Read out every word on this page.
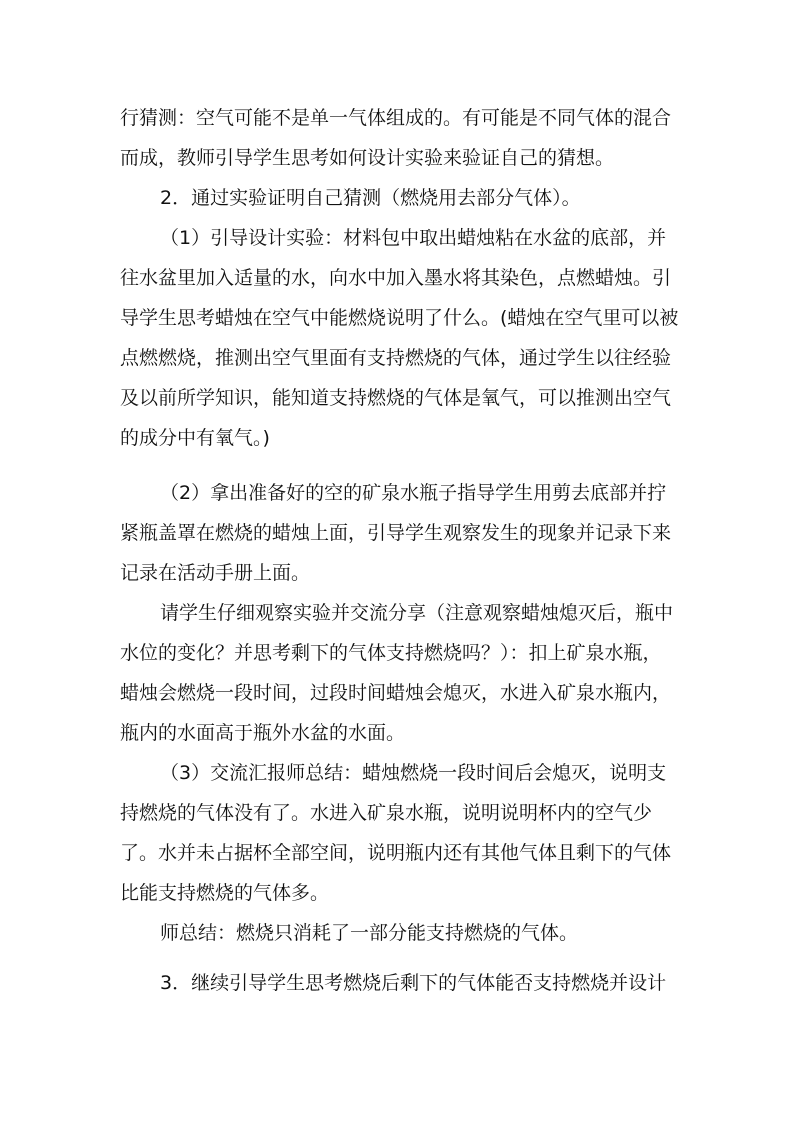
行猜测：空气可能不是单一气体组成的。有可能是不同气体的混合
而成，教师引导学生思考如何设计实验来验证自己的猜想。
2．通过实验证明自己猜测（燃烧用去部分气体）。
（1）引导设计实验：材料包中取出蜡烛粘在水盆的底部，并
往水盆里加入适量的水，向水中加入墨水将其染色，点燃蜡烛。引
导学生思考蜡烛在空气中能燃烧说明了什么。(蜡烛在空气里可以被
点燃燃烧，推测出空气里面有支持燃烧的气体，通过学生以往经验
及以前所学知识，能知道支持燃烧的气体是氧气，可以推测出空气
的成分中有氧气。)
（2）拿出准备好的空的矿泉水瓶子指导学生用剪去底部并拧
紧瓶盖罩在燃烧的蜡烛上面，引导学生观察发生的现象并记录下来
记录在活动手册上面。
请学生仔细观察实验并交流分享（注意观察蜡烛熄灭后，瓶中
水位的变化？并思考剩下的气体支持燃烧吗？）：扣上矿泉水瓶，
蜡烛会燃烧一段时间，过段时间蜡烛会熄灭，水进入矿泉水瓶内，
瓶内的水面高于瓶外水盆的水面。
（3）交流汇报师总结：蜡烛燃烧一段时间后会熄灭，说明支
持燃烧的气体没有了。水进入矿泉水瓶，说明说明杯内的空气少
了。水并未占据杯全部空间，说明瓶内还有其他气体且剩下的气体
比能支持燃烧的气体多。
师总结：燃烧只消耗了一部分能支持燃烧的气体。
3．继续引导学生思考燃烧后剩下的气体能否支持燃烧并设计
